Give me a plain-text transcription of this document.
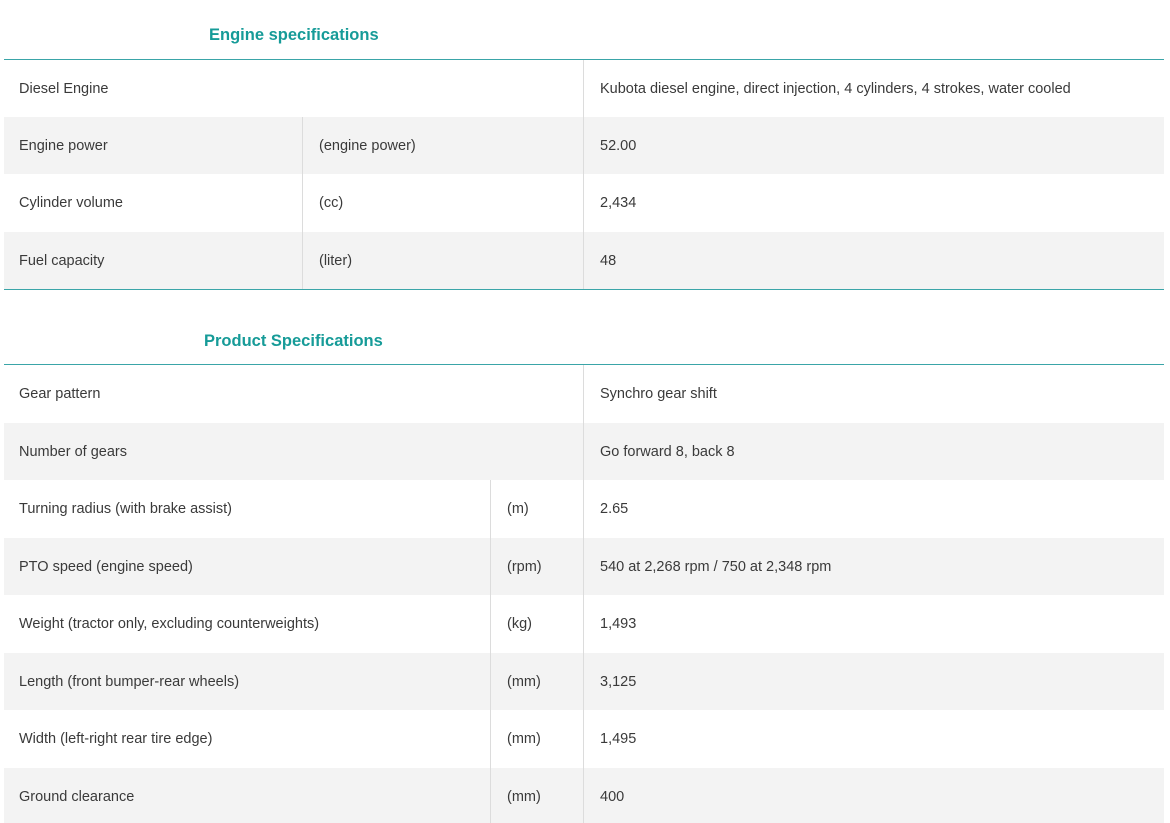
Engine specifications
Diesel Engine	Kubota diesel engine, direct injection, 4 cylinders, 4 strokes, water cooled
Engine power	(engine power)	52.00
Cylinder volume	(cc)	2,434
Fuel capacity	(liter)	48
Product Specifications
Gear pattern	Synchro gear shift
Number of gears	Go forward 8, back 8
Turning radius (with brake assist)	(m)	2.65
PTO speed (engine speed)	(rpm)	540 at 2,268 rpm / 750 at 2,348 rpm
Weight (tractor only, excluding counterweights)	(kg)	1,493
Length (front bumper-rear wheels)	(mm)	3,125
Width (left-right rear tire edge)	(mm)	1,495
Ground clearance	(mm)	400
